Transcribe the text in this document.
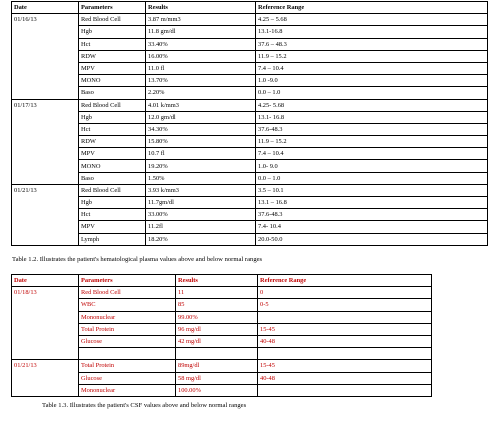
Date	Parameters	Results	Reference Range
01/16/13	Red Blood Cell	3.87 m/mm3	4.25 – 5.68
	Hgb	11.8 gm/dl	13.1-16.8
	Hct	33.40%	37.6 – 48.3
	RDW	16.00%	11.9 – 15.2
	MPV	11.0 fl	7.4 – 10.4
	MONO	13.70%	1.0 -9.0
	Baso	2.20%	0.0 – 1.0
01/17/13	Red Blood Cell	4.01 k/mm3	4.25- 5.68
	Hgb	12.0 gm/dl	13.1- 16.8
	Hct	34.30%	37.6-48.3
	RDW	15.80%	11.9 – 15.2
	MPV	10.7 fl	7.4 – 10.4
	MONO	19.20%	1.0- 9.0
	Baso	1.50%	0.0 – 1.0
01/21/13	Red Blood Cell	3.93 k/mm3	3.5 – 10.1
	Hgb	11.7gm/dl	13.1 – 16.8
	Hct	33.00%	37.6-48.3
	MPV	11.2fl	7.4- 10.4
	Lymph	18.20%	20.0-50.0
Table 1.2. Illustrates the patient's hematological plasma values above and below normal ranges
Date	Parameters	Results	Reference Range
01/18/13	Red Blood Cell	11	0
	WBC	85	0-5
	Mononuclear	99.00%	
	Total Protein	96 mg/dl	15-45
	Glucose	42 mg/dl	40-48

01/21/13	Total Protein	89mg/dl	15-45
	Glucose	58 mg/dl	40-48
	Mononuclear	100.00%	
Table 1.3. Illustrates the patient's CSF values above and below normal ranges
